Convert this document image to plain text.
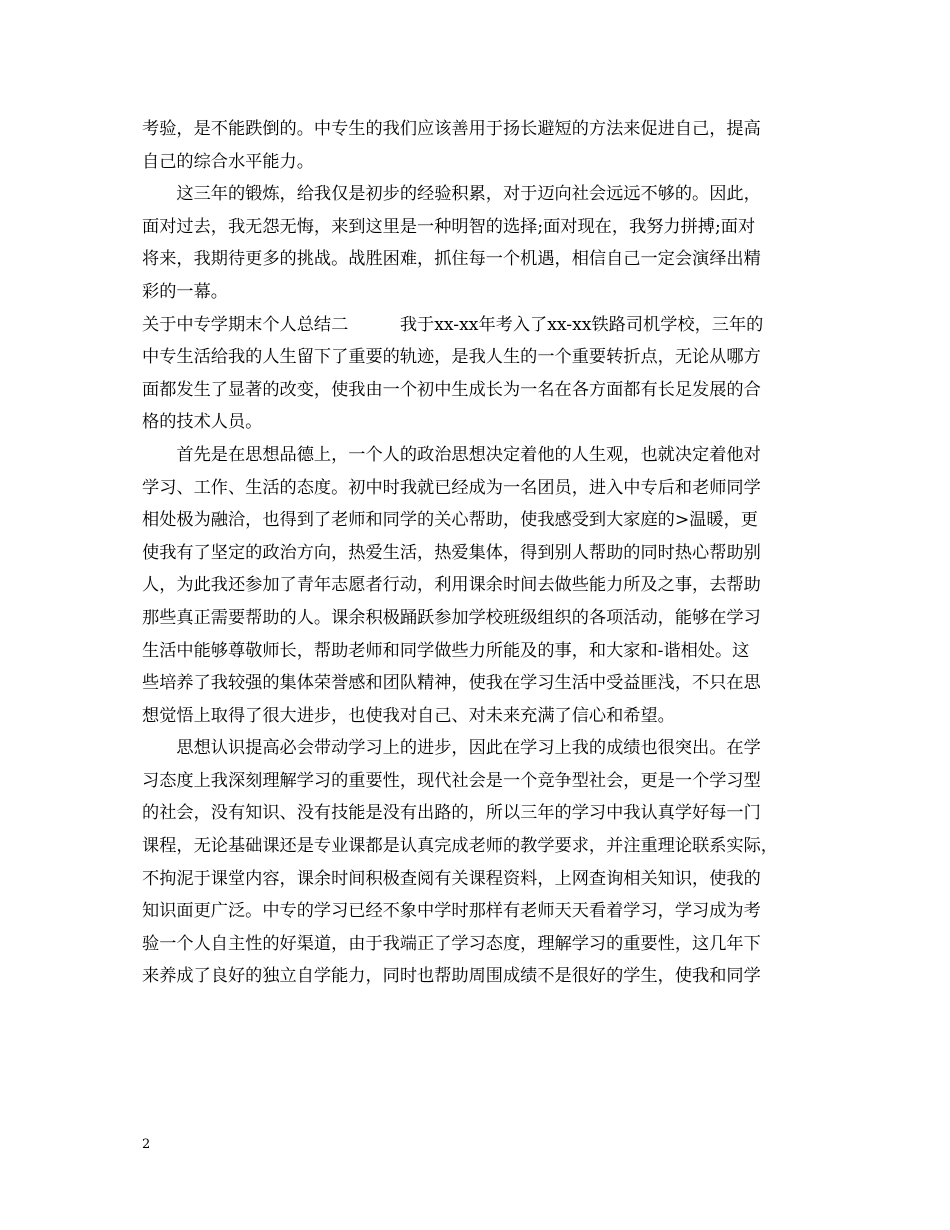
考验，是不能跌倒的。中专生的我们应该善用于扬长避短的方法来促进自己，提高
自己的综合水平能力。
　　这三年的锻炼，给我仅是初步的经验积累，对于迈向社会远远不够的。因此，
面对过去，我无怨无悔，来到这里是一种明智的选择;面对现在，我努力拼搏;面对
将来，我期待更多的挑战。战胜困难，抓住每一个机遇，相信自己一定会演绎出精
彩的一幕。
关于中专学期末个人总结二　　　我于xx-xx年考入了xx-xx铁路司机学校，三年的
中专生活给我的人生留下了重要的轨迹，是我人生的一个重要转折点，无论从哪方
面都发生了显著的改变，使我由一个初中生成长为一名在各方面都有长足发展的合
格的技术人员。
　　首先是在思想品德上，一个人的政治思想决定着他的人生观，也就决定着他对
学习、工作、生活的态度。初中时我就已经成为一名团员，进入中专后和老师同学
相处极为融洽，也得到了老师和同学的关心帮助，使我感受到大家庭的>温暖，更
使我有了坚定的政治方向，热爱生活，热爱集体，得到别人帮助的同时热心帮助别
人，为此我还参加了青年志愿者行动，利用课余时间去做些能力所及之事，去帮助
那些真正需要帮助的人。课余积极踊跃参加学校班级组织的各项活动，能够在学习
生活中能够尊敬师长，帮助老师和同学做些力所能及的事，和大家和-谐相处。这
些培养了我较强的集体荣誉感和团队精神，使我在学习生活中受益匪浅，不只在思
想觉悟上取得了很大进步，也使我对自己、对未来充满了信心和希望。
　　思想认识提高必会带动学习上的进步，因此在学习上我的成绩也很突出。在学
习态度上我深刻理解学习的重要性，现代社会是一个竞争型社会，更是一个学习型
的社会，没有知识、没有技能是没有出路的，所以三年的学习中我认真学好每一门
课程，无论基础课还是专业课都是认真完成老师的教学要求，并注重理论联系实际，
不拘泥于课堂内容，课余时间积极查阅有关课程资料，上网查询相关知识，使我的
知识面更广泛。中专的学习已经不象中学时那样有老师天天看着学习，学习成为考
验一个人自主性的好渠道，由于我端正了学习态度，理解学习的重要性，这几年下
来养成了良好的独立自学能力，同时也帮助周围成绩不是很好的学生，使我和同学
2
